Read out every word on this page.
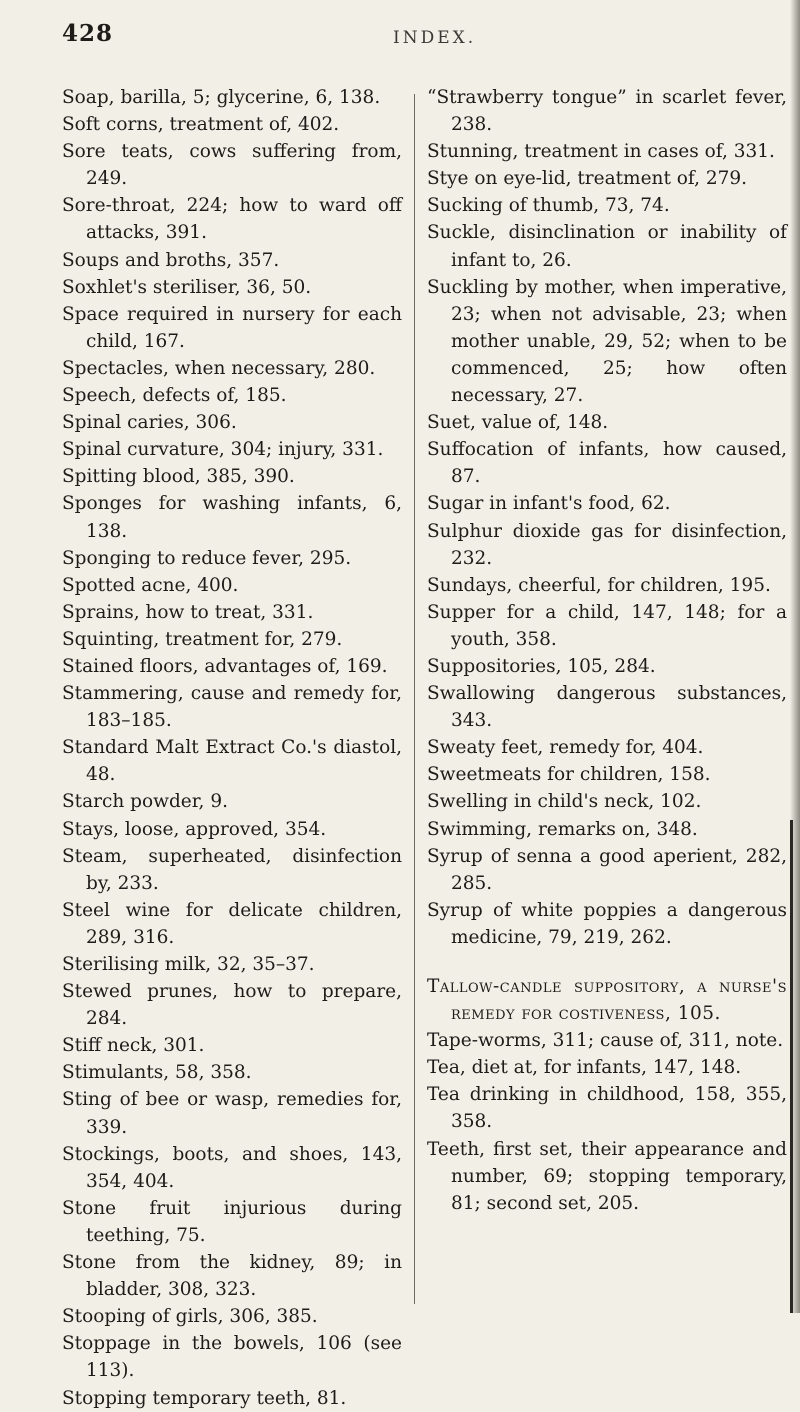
428	INDEX.

Soap, barilla, 5; glycerine, 6, 138.

Soft corns, treatment of, 402.

Sore teats, cows suffering from, 249.

Sore-throat, 224; how to ward off attacks, 391.

Soups and broths, 357.

Soxhlet's steriliser, 36, 50.

Space required in nursery for each child, 167.

Spectacles, when necessary, 280.

Speech, defects of, 185.

Spinal caries, 306.

Spinal curvature, 304; injury, 331.

Spitting blood, 385, 390.

Sponges for washing infants, 6, 138.

Sponging to reduce fever, 295.

Spotted acne, 400.

Sprains, how to treat, 331.

Squinting, treatment for, 279.

Stained floors, advantages of, 169.

Stammering, cause and remedy for, 183–185.

Standard Malt Extract Co.'s diastol, 48.

Starch powder, 9.

Stays, loose, approved, 354.

Steam, superheated, disinfection by, 233.

Steel wine for delicate children, 289, 316.

Sterilising milk, 32, 35–37.

Stewed prunes, how to prepare, 284.

Stiff neck, 301.

Stimulants, 58, 358.

Sting of bee or wasp, remedies for, 339.

Stockings, boots, and shoes, 143, 354, 404.

Stone fruit injurious during teething, 75.

Stone from the kidney, 89; in bladder, 308, 323.

Stooping of girls, 306, 385.

Stoppage in the bowels, 106 (see 113).

Stopping temporary teeth, 81.

“Strawberry tongue” in scarlet fever, 238.

Stunning, treatment in cases of, 331.

Stye on eye-lid, treatment of, 279.

Sucking of thumb, 73, 74.

Suckle, disinclination or inability of infant to, 26.

Suckling by mother, when imperative, 23; when not advisable, 23; when mother unable, 29, 52; when to be commenced, 25; how often necessary, 27.

Suet, value of, 148.

Suffocation of infants, how caused, 87.

Sugar in infant's food, 62.

Sulphur dioxide gas for disinfection, 232.

Sundays, cheerful, for children, 195.

Supper for a child, 147, 148; for a youth, 358.

Suppositories, 105, 284.

Swallowing dangerous substances, 343.

Sweaty feet, remedy for, 404.

Sweetmeats for children, 158.

Swelling in child's neck, 102.

Swimming, remarks on, 348.

Syrup of senna a good aperient, 282, 285.

Syrup of white poppies a dangerous medicine, 79, 219, 262.

Tallow-candle suppository, a nurse's remedy for costiveness, 105.

Tape-worms, 311; cause of, 311, note.

Tea, diet at, for infants, 147, 148.

Tea drinking in childhood, 158, 355, 358.

Teeth, first set, their appearance and number, 69; stopping temporary, 81; second set, 205.
